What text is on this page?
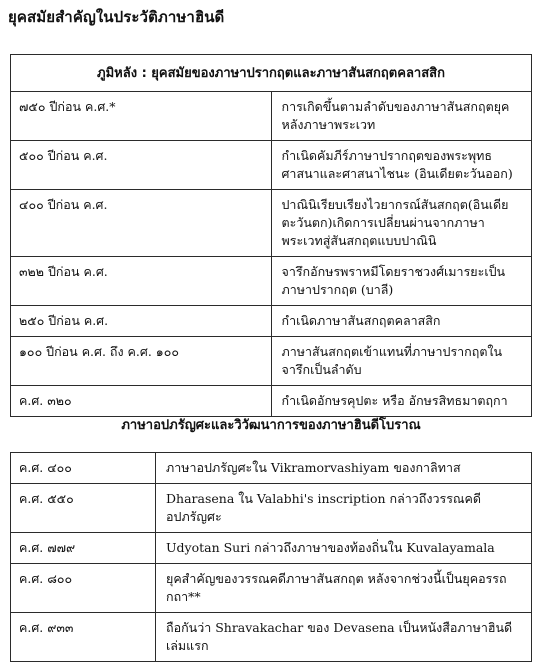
ยุคสมัยสำคัญในประวัติภาษาฮินดี
ภูมิหลัง : ยุคสมัยของภาษาปรากฤตและภาษาสันสกฤตคลาสสิก	
๗๕๐ ปีก่อน ค.ศ.*	การเกิดขึ้นตามลำดับของภาษาสันสกฤตยุคหลังภาษาพระเวท
๕๐๐ ปีก่อน ค.ศ.	กำเนิดคัมภีร์ภาษาปรากฤตของพระพุทธศาสนาและศาสนาไชนะ (อินเดียตะวันออก)
๔๐๐ ปีก่อน ค.ศ.	ปาณินิเรียบเรียงไวยากรณ์สันสกฤต(อินเดียตะวันตก)เกิดการเปลี่ยนผ่านจากภาษาพระเวทสู่สันสกฤตแบบปาณินิ
๓๒๒ ปีก่อน ค.ศ.	จารึกอักษรพราหมีโดยราชวงศ์เมารยะเป็นภาษาปรากฤต (บาลี)
๒๕๐ ปีก่อน ค.ศ.	กำเนิดภาษาสันสกฤตคลาสสิก
๑๐๐ ปีก่อน ค.ศ. ถึง ค.ศ. ๑๐๐	ภาษาสันสกฤตเข้าแทนที่ภาษาปรากฤตในจารึกเป็นลำดับ
ค.ศ. ๓๒๐	กำเนิดอักษรคุปตะ หรือ อักษรสิทธมาตฤกา
ภาษาอปภรัญศะและวิวัฒนาการของภาษาฮินดีโบราณ
ค.ศ. ๔๐๐	ภาษาอปภรัญศะใน Vikramorvashiyam ของกาลิทาส
ค.ศ. ๕๕๐	Dharasena ใน Valabhi's inscription กล่าวถึงวรรณคดีอปภรัญศะ
ค.ศ. ๗๗๙	Udyotan Suri กล่าวถึงภาษาของท้องถิ่นใน Kuvalayamala
ค.ศ. ๘๐๐	ยุคสำคัญของวรรณคดีภาษาสันสกฤต หลังจากช่วงนี้เป็นยุคอรรถกถา**
ค.ศ. ๙๓๓	ถือกันว่า Shravakachar ของ Devasena เป็นหนังสือภาษาฮินดีเล่มแรก
